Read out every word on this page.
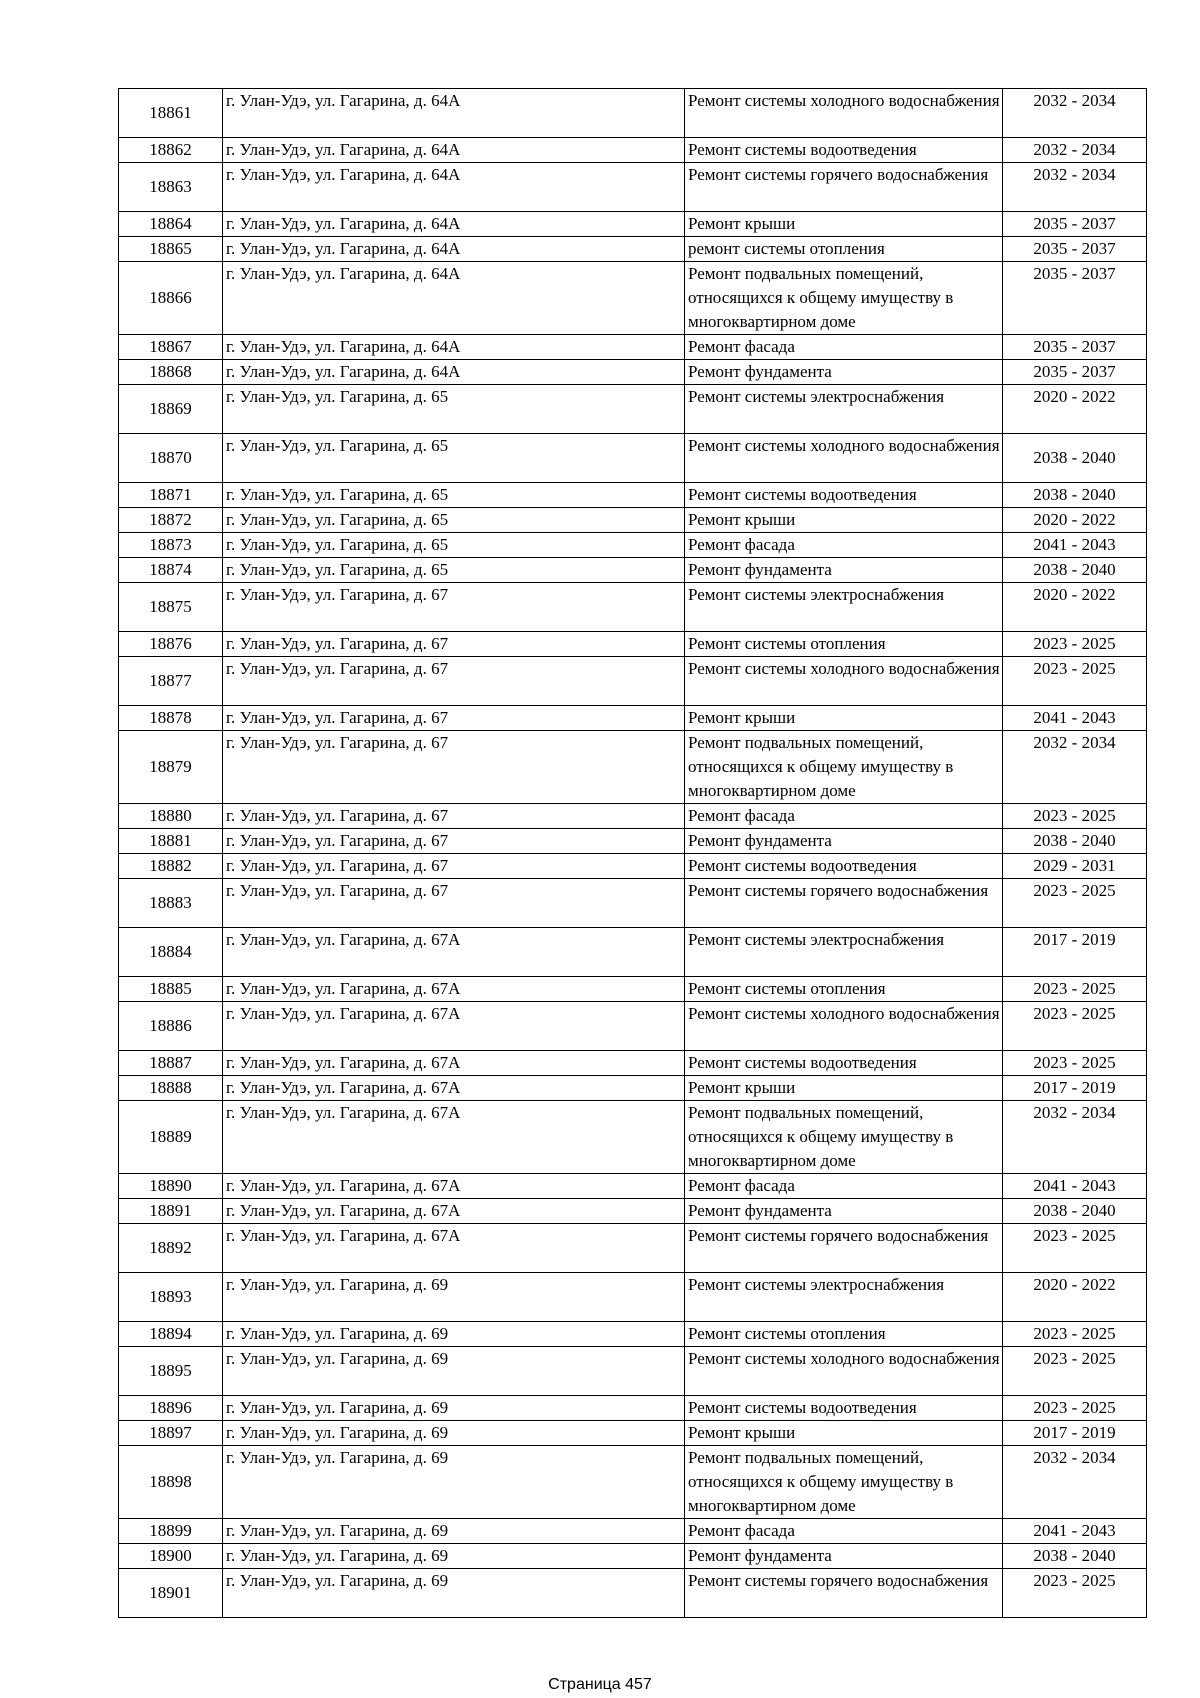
18861	г. Улан-Удэ, ул. Гагарина, д. 64А	Ремонт системы холодного водоснабжения	2032 - 2034
18862	г. Улан-Удэ, ул. Гагарина, д. 64А	Ремонт системы водоотведения	2032 - 2034
18863	г. Улан-Удэ, ул. Гагарина, д. 64А	Ремонт системы горячего водоснабжения	2032 - 2034
18864	г. Улан-Удэ, ул. Гагарина, д. 64А	Ремонт крыши	2035 - 2037
18865	г. Улан-Удэ, ул. Гагарина, д. 64А	ремонт системы отопления	2035 - 2037
18866	г. Улан-Удэ, ул. Гагарина, д. 64А	Ремонт подвальных помещений, относящихся к общему имуществу в многоквартирном доме	2035 - 2037
18867	г. Улан-Удэ, ул. Гагарина, д. 64А	Ремонт фасада	2035 - 2037
18868	г. Улан-Удэ, ул. Гагарина, д. 64А	Ремонт фундамента	2035 - 2037
18869	г. Улан-Удэ, ул. Гагарина, д. 65	Ремонт системы электроснабжения	2020 - 2022
18870	г. Улан-Удэ, ул. Гагарина, д. 65	Ремонт системы холодного водоснабжения	2038 - 2040
18871	г. Улан-Удэ, ул. Гагарина, д. 65	Ремонт системы водоотведения	2038 - 2040
18872	г. Улан-Удэ, ул. Гагарина, д. 65	Ремонт крыши	2020 - 2022
18873	г. Улан-Удэ, ул. Гагарина, д. 65	Ремонт фасада	2041 - 2043
18874	г. Улан-Удэ, ул. Гагарина, д. 65	Ремонт фундамента	2038 - 2040
18875	г. Улан-Удэ, ул. Гагарина, д. 67	Ремонт системы электроснабжения	2020 - 2022
18876	г. Улан-Удэ, ул. Гагарина, д. 67	Ремонт системы отопления	2023 - 2025
18877	г. Улан-Удэ, ул. Гагарина, д. 67	Ремонт системы холодного водоснабжения	2023 - 2025
18878	г. Улан-Удэ, ул. Гагарина, д. 67	Ремонт крыши	2041 - 2043
18879	г. Улан-Удэ, ул. Гагарина, д. 67	Ремонт подвальных помещений, относящихся к общему имуществу в многоквартирном доме	2032 - 2034
18880	г. Улан-Удэ, ул. Гагарина, д. 67	Ремонт фасада	2023 - 2025
18881	г. Улан-Удэ, ул. Гагарина, д. 67	Ремонт фундамента	2038 - 2040
18882	г. Улан-Удэ, ул. Гагарина, д. 67	Ремонт системы водоотведения	2029 - 2031
18883	г. Улан-Удэ, ул. Гагарина, д. 67	Ремонт системы горячего водоснабжения	2023 - 2025
18884	г. Улан-Удэ, ул. Гагарина, д. 67А	Ремонт системы электроснабжения	2017 - 2019
18885	г. Улан-Удэ, ул. Гагарина, д. 67А	Ремонт системы отопления	2023 - 2025
18886	г. Улан-Удэ, ул. Гагарина, д. 67А	Ремонт системы холодного водоснабжения	2023 - 2025
18887	г. Улан-Удэ, ул. Гагарина, д. 67А	Ремонт системы водоотведения	2023 - 2025
18888	г. Улан-Удэ, ул. Гагарина, д. 67А	Ремонт крыши	2017 - 2019
18889	г. Улан-Удэ, ул. Гагарина, д. 67А	Ремонт подвальных помещений, относящихся к общему имуществу в многоквартирном доме	2032 - 2034
18890	г. Улан-Удэ, ул. Гагарина, д. 67А	Ремонт фасада	2041 - 2043
18891	г. Улан-Удэ, ул. Гагарина, д. 67А	Ремонт фундамента	2038 - 2040
18892	г. Улан-Удэ, ул. Гагарина, д. 67А	Ремонт системы горячего водоснабжения	2023 - 2025
18893	г. Улан-Удэ, ул. Гагарина, д. 69	Ремонт системы электроснабжения	2020 - 2022
18894	г. Улан-Удэ, ул. Гагарина, д. 69	Ремонт системы отопления	2023 - 2025
18895	г. Улан-Удэ, ул. Гагарина, д. 69	Ремонт системы холодного водоснабжения	2023 - 2025
18896	г. Улан-Удэ, ул. Гагарина, д. 69	Ремонт системы водоотведения	2023 - 2025
18897	г. Улан-Удэ, ул. Гагарина, д. 69	Ремонт крыши	2017 - 2019
18898	г. Улан-Удэ, ул. Гагарина, д. 69	Ремонт подвальных помещений, относящихся к общему имуществу в многоквартирном доме	2032 - 2034
18899	г. Улан-Удэ, ул. Гагарина, д. 69	Ремонт фасада	2041 - 2043
18900	г. Улан-Удэ, ул. Гагарина, д. 69	Ремонт фундамента	2038 - 2040
18901	г. Улан-Удэ, ул. Гагарина, д. 69	Ремонт системы горячего водоснабжения	2023 - 2025
Страница 457
